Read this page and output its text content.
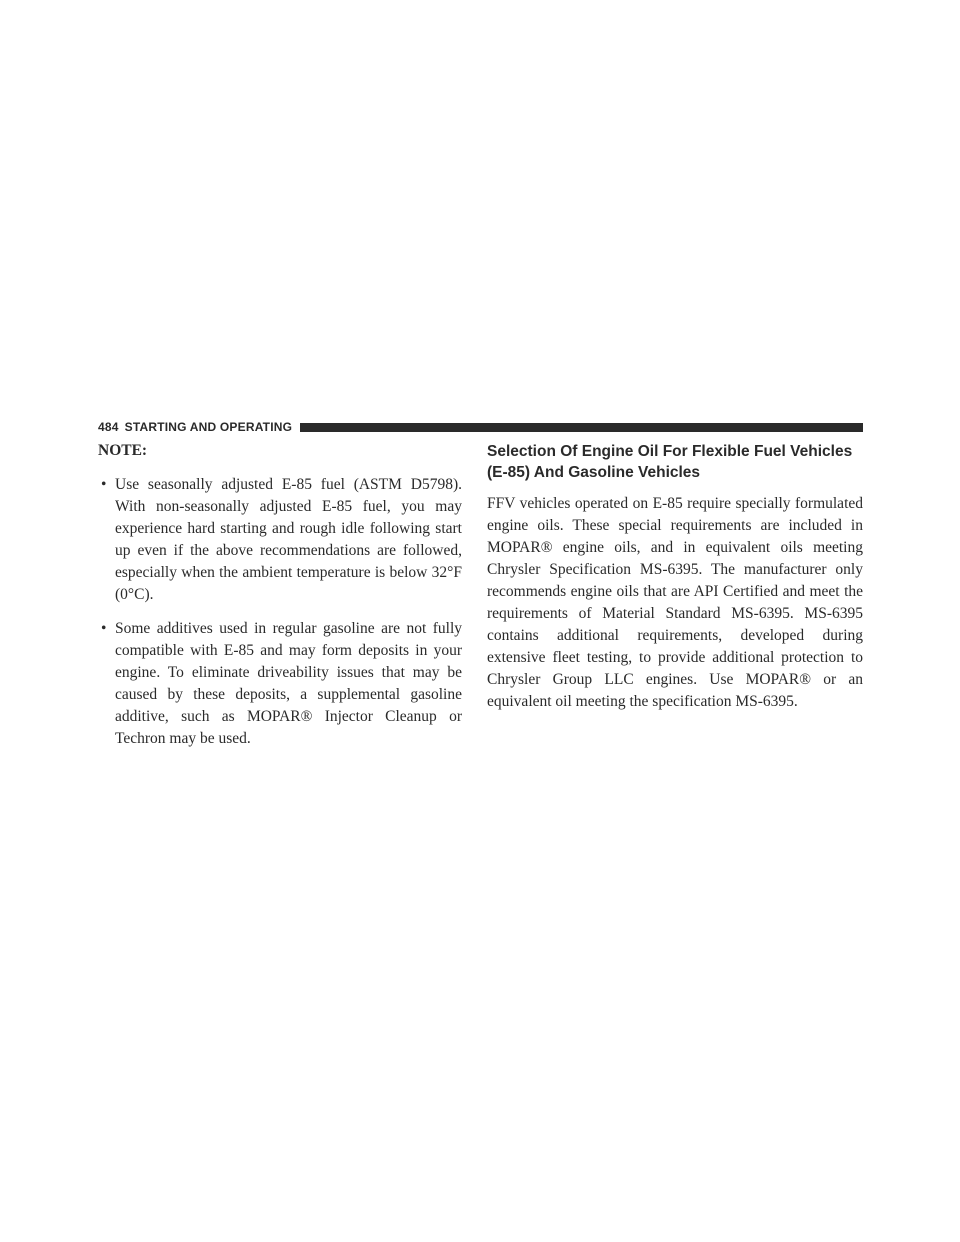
484 STARTING AND OPERATING
NOTE:
• Use seasonally adjusted E-85 fuel (ASTM D5798). With non-seasonally adjusted E-85 fuel, you may experience hard starting and rough idle following start up even if the above recommendations are followed, especially when the ambient temperature is below 32°F (0°C).
• Some additives used in regular gasoline are not fully compatible with E-85 and may form deposits in your engine. To eliminate driveability issues that may be caused by these deposits, a supplemental gasoline additive, such as MOPAR® Injector Cleanup or Techron may be used.
Selection Of Engine Oil For Flexible Fuel Vehicles (E-85) And Gasoline Vehicles

FFV vehicles operated on E-85 require specially formulated engine oils. These special requirements are included in MOPAR® engine oils, and in equivalent oils meeting Chrysler Specification MS-6395. The manufacturer only recommends engine oils that are API Certified and meet the requirements of Material Standard MS-6395. MS-6395 contains additional requirements, developed during extensive fleet testing, to provide additional protection to Chrysler Group LLC engines. Use MOPAR® or an equivalent oil meeting the specification MS-6395.
